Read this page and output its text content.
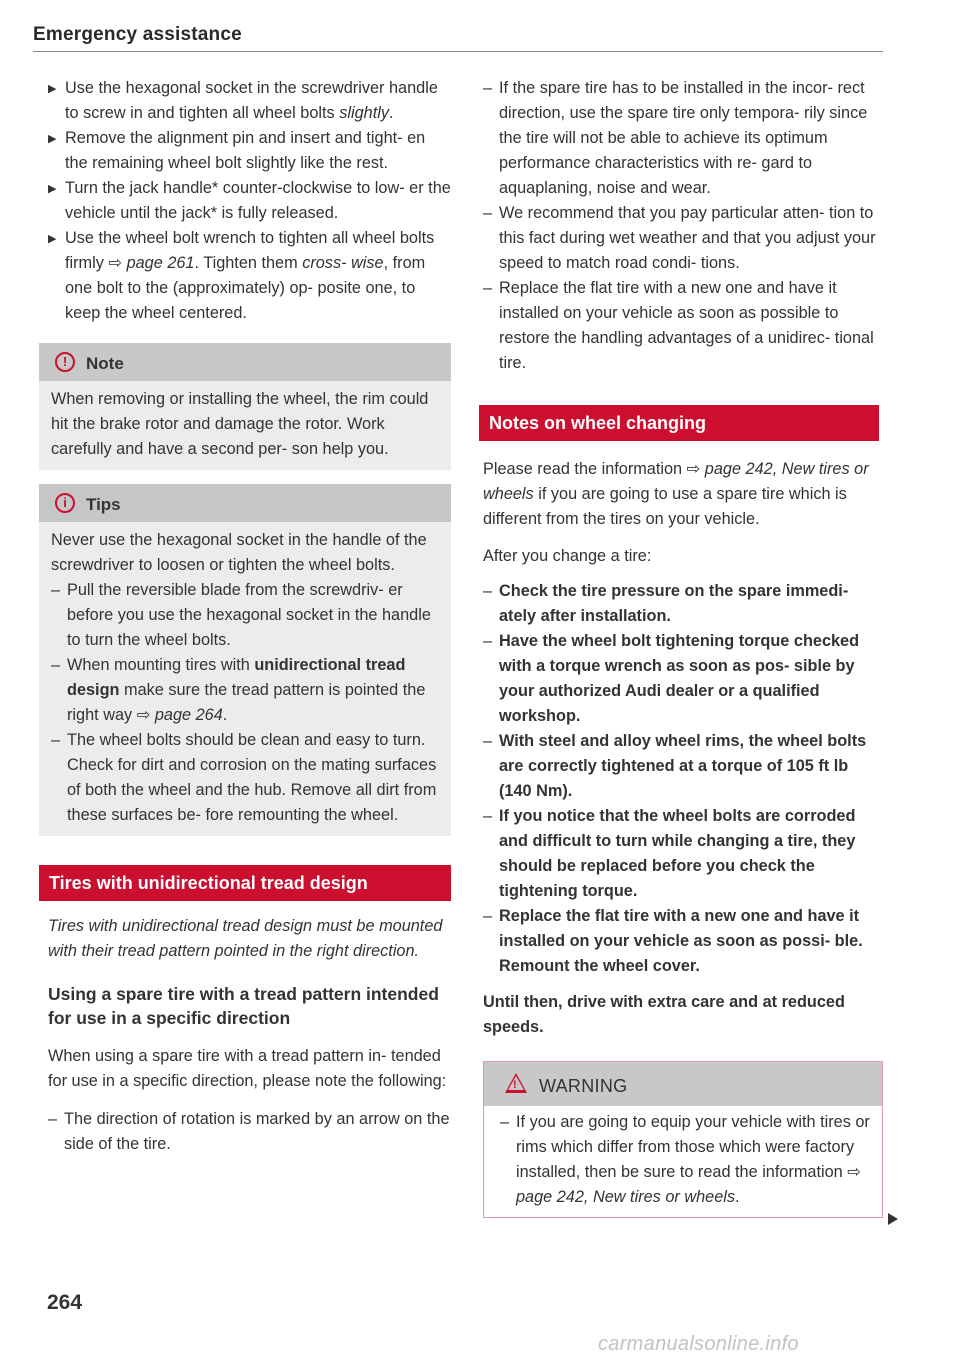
Emergency assistance

▶ Use the hexagonal socket in the screwdriver handle to screw in and tighten all wheel bolts slightly.

▶ Remove the alignment pin and insert and tight- en the remaining wheel bolt slightly like the rest.

▶ Turn the jack handle* counter-clockwise to low- er the vehicle until the jack* is fully released.

▶ Use the wheel bolt wrench to tighten all wheel bolts firmly ⇨ page 261. Tighten them cross- wise, from one bolt to the (approximately) op- posite one, to keep the wheel centered.

!	Note

When removing or installing the wheel, the rim could hit the brake rotor and damage the rotor. Work carefully and have a second per- son help you.

i	Tips

Never use the hexagonal socket in the handle of the screwdriver to loosen or tighten the wheel bolts.

– Pull the reversible blade from the screwdriv- er before you use the hexagonal socket in the handle to turn the wheel bolts.

– When mounting tires with unidirectional tread design make sure the tread pattern is pointed the right way ⇨ page 264.

– The wheel bolts should be clean and easy to turn. Check for dirt and corrosion on the mating surfaces of both the wheel and the hub. Remove all dirt from these surfaces be- fore remounting the wheel.

Tires with unidirectional tread design

Tires with unidirectional tread design must be mounted with their tread pattern pointed in the right direction.

Using a spare tire with a tread pattern intended for use in a specific direction

When using a spare tire with a tread pattern in- tended for use in a specific direction, please note the following:

– The direction of rotation is marked by an arrow on the side of the tire.

– If the spare tire has to be installed in the incor- rect direction, use the spare tire only tempora- rily since the tire will not be able to achieve its optimum performance characteristics with re- gard to aquaplaning, noise and wear.

– We recommend that you pay particular atten- tion to this fact during wet weather and that you adjust your speed to match road condi- tions.

– Replace the flat tire with a new one and have it installed on your vehicle as soon as possible to restore the handling advantages of a unidirec- tional tire.

Notes on wheel changing

Please read the information ⇨ page 242, New tires or wheels if you are going to use a spare tire which is different from the tires on your vehicle.

After you change a tire:

– Check the tire pressure on the spare immedi- ately after installation.

– Have the wheel bolt tightening torque checked with a torque wrench as soon as pos- sible by your authorized Audi dealer or a qualified workshop.

– With steel and alloy wheel rims, the wheel bolts are correctly tightened at a torque of 105 ft lb (140 Nm).

– If you notice that the wheel bolts are corroded and difficult to turn while changing a tire, they should be replaced before you check the tightening torque.

– Replace the flat tire with a new one and have it installed on your vehicle as soon as possi- ble. Remount the wheel cover.

Until then, drive with extra care and at reduced speeds.

! WARNING

– If you are going to equip your vehicle with tires or rims which differ from those which were factory installed, then be sure to read the information ⇨ page 242, New tires or wheels.

264
carmanualsonline.info
